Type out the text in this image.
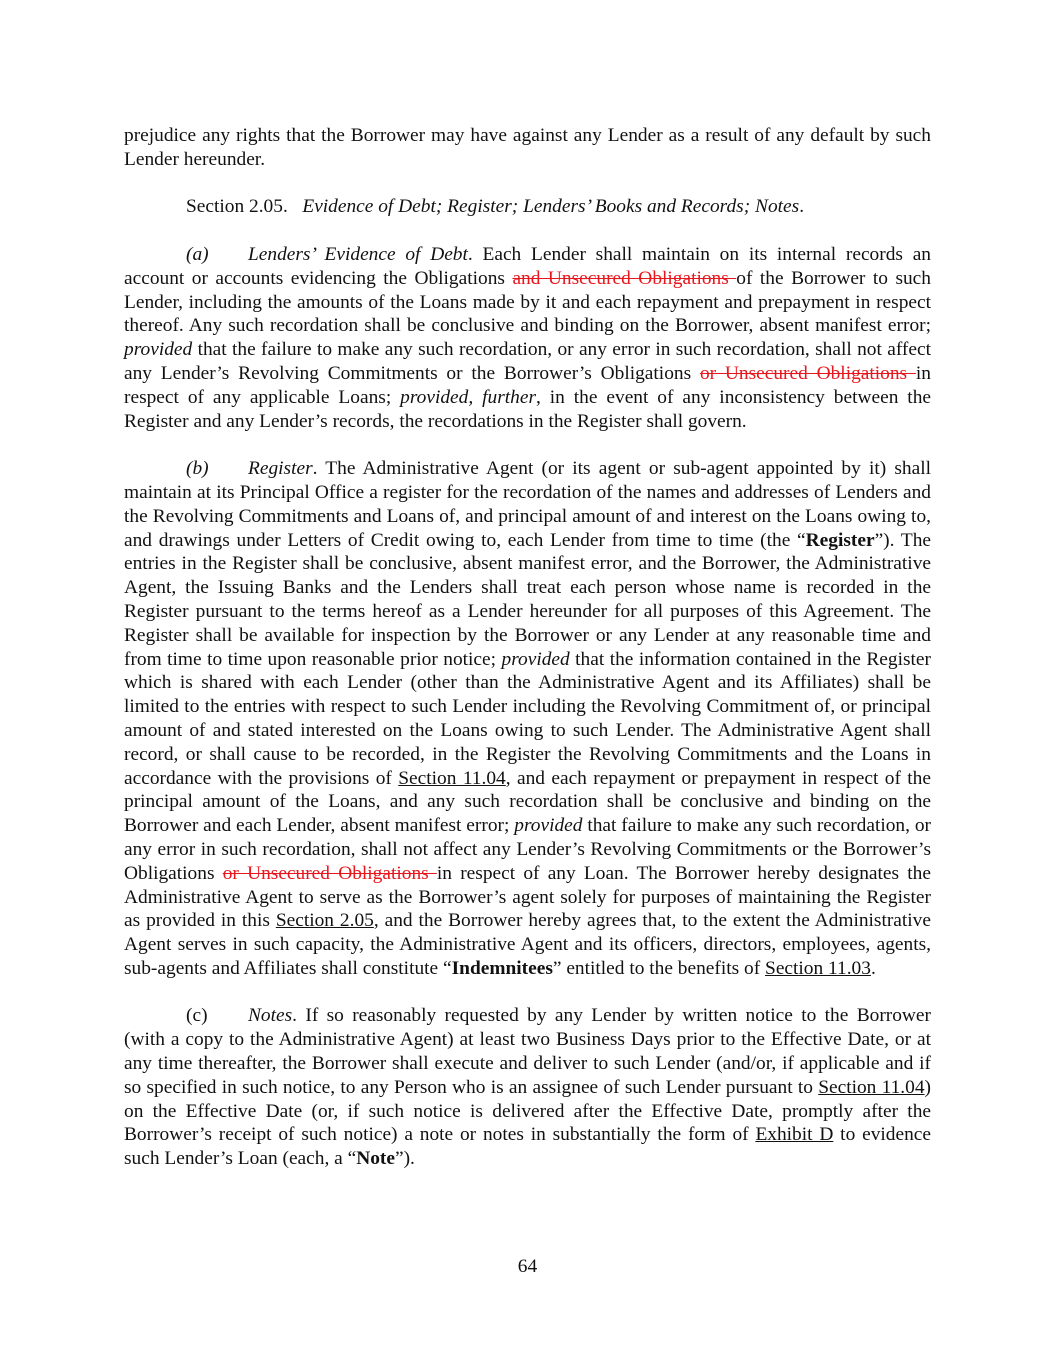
prejudice any rights that the Borrower may have against any Lender as a result of any default by such Lender hereunder.

Section 2.05. Evidence of Debt; Register; Lenders’ Books and Records; Notes.

(a) Lenders’ Evidence of Debt. Each Lender shall maintain on its internal records an account or accounts evidencing the Obligations and Unsecured Obligations of the Borrower to such Lender, including the amounts of the Loans made by it and each repayment and prepayment in respect thereof. Any such recordation shall be conclusive and binding on the Borrower, absent manifest error; provided that the failure to make any such recordation, or any error in such recordation, shall not affect any Lender’s Revolving Commitments or the Borrower’s Obligations or Unsecured Obligations in respect of any applicable Loans; provided, further, in the event of any inconsistency between the Register and any Lender’s records, the recordations in the Register shall govern.

(b) Register. The Administrative Agent (or its agent or sub-agent appointed by it) shall maintain at its Principal Office a register for the recordation of the names and addresses of Lenders and the Revolving Commitments and Loans of, and principal amount of and interest on the Loans owing to, and drawings under Letters of Credit owing to, each Lender from time to time (the “Register”). The entries in the Register shall be conclusive, absent manifest error, and the Borrower, the Administrative Agent, the Issuing Banks and the Lenders shall treat each person whose name is recorded in the Register pursuant to the terms hereof as a Lender hereunder for all purposes of this Agreement. The Register shall be available for inspection by the Borrower or any Lender at any reasonable time and from time to time upon reasonable prior notice; provided that the information contained in the Register which is shared with each Lender (other than the Administrative Agent and its Affiliates) shall be limited to the entries with respect to such Lender including the Revolving Commitment of, or principal amount of and stated interested on the Loans owing to such Lender. The Administrative Agent shall record, or shall cause to be recorded, in the Register the Revolving Commitments and the Loans in accordance with the provisions of Section 11.04, and each repayment or prepayment in respect of the principal amount of the Loans, and any such recordation shall be conclusive and binding on the Borrower and each Lender, absent manifest error; provided that failure to make any such recordation, or any error in such recordation, shall not affect any Lender’s Revolving Commitments or the Borrower’s Obligations or Unsecured Obligations in respect of any Loan. The Borrower hereby designates the Administrative Agent to serve as the Borrower’s agent solely for purposes of maintaining the Register as provided in this Section 2.05, and the Borrower hereby agrees that, to the extent the Administrative Agent serves in such capacity, the Administrative Agent and its officers, directors, employees, agents, sub-agents and Affiliates shall constitute “Indemnitees” entitled to the benefits of Section 11.03.

(c) Notes. If so reasonably requested by any Lender by written notice to the Borrower (with a copy to the Administrative Agent) at least two Business Days prior to the Effective Date, or at any time thereafter, the Borrower shall execute and deliver to such Lender (and/or, if applicable and if so specified in such notice, to any Person who is an assignee of such Lender pursuant to Section 11.04) on the Effective Date (or, if such notice is delivered after the Effective Date, promptly after the Borrower’s receipt of such notice) a note or notes in substantially the form of Exhibit D to evidence such Lender’s Loan (each, a “Note”).

64
